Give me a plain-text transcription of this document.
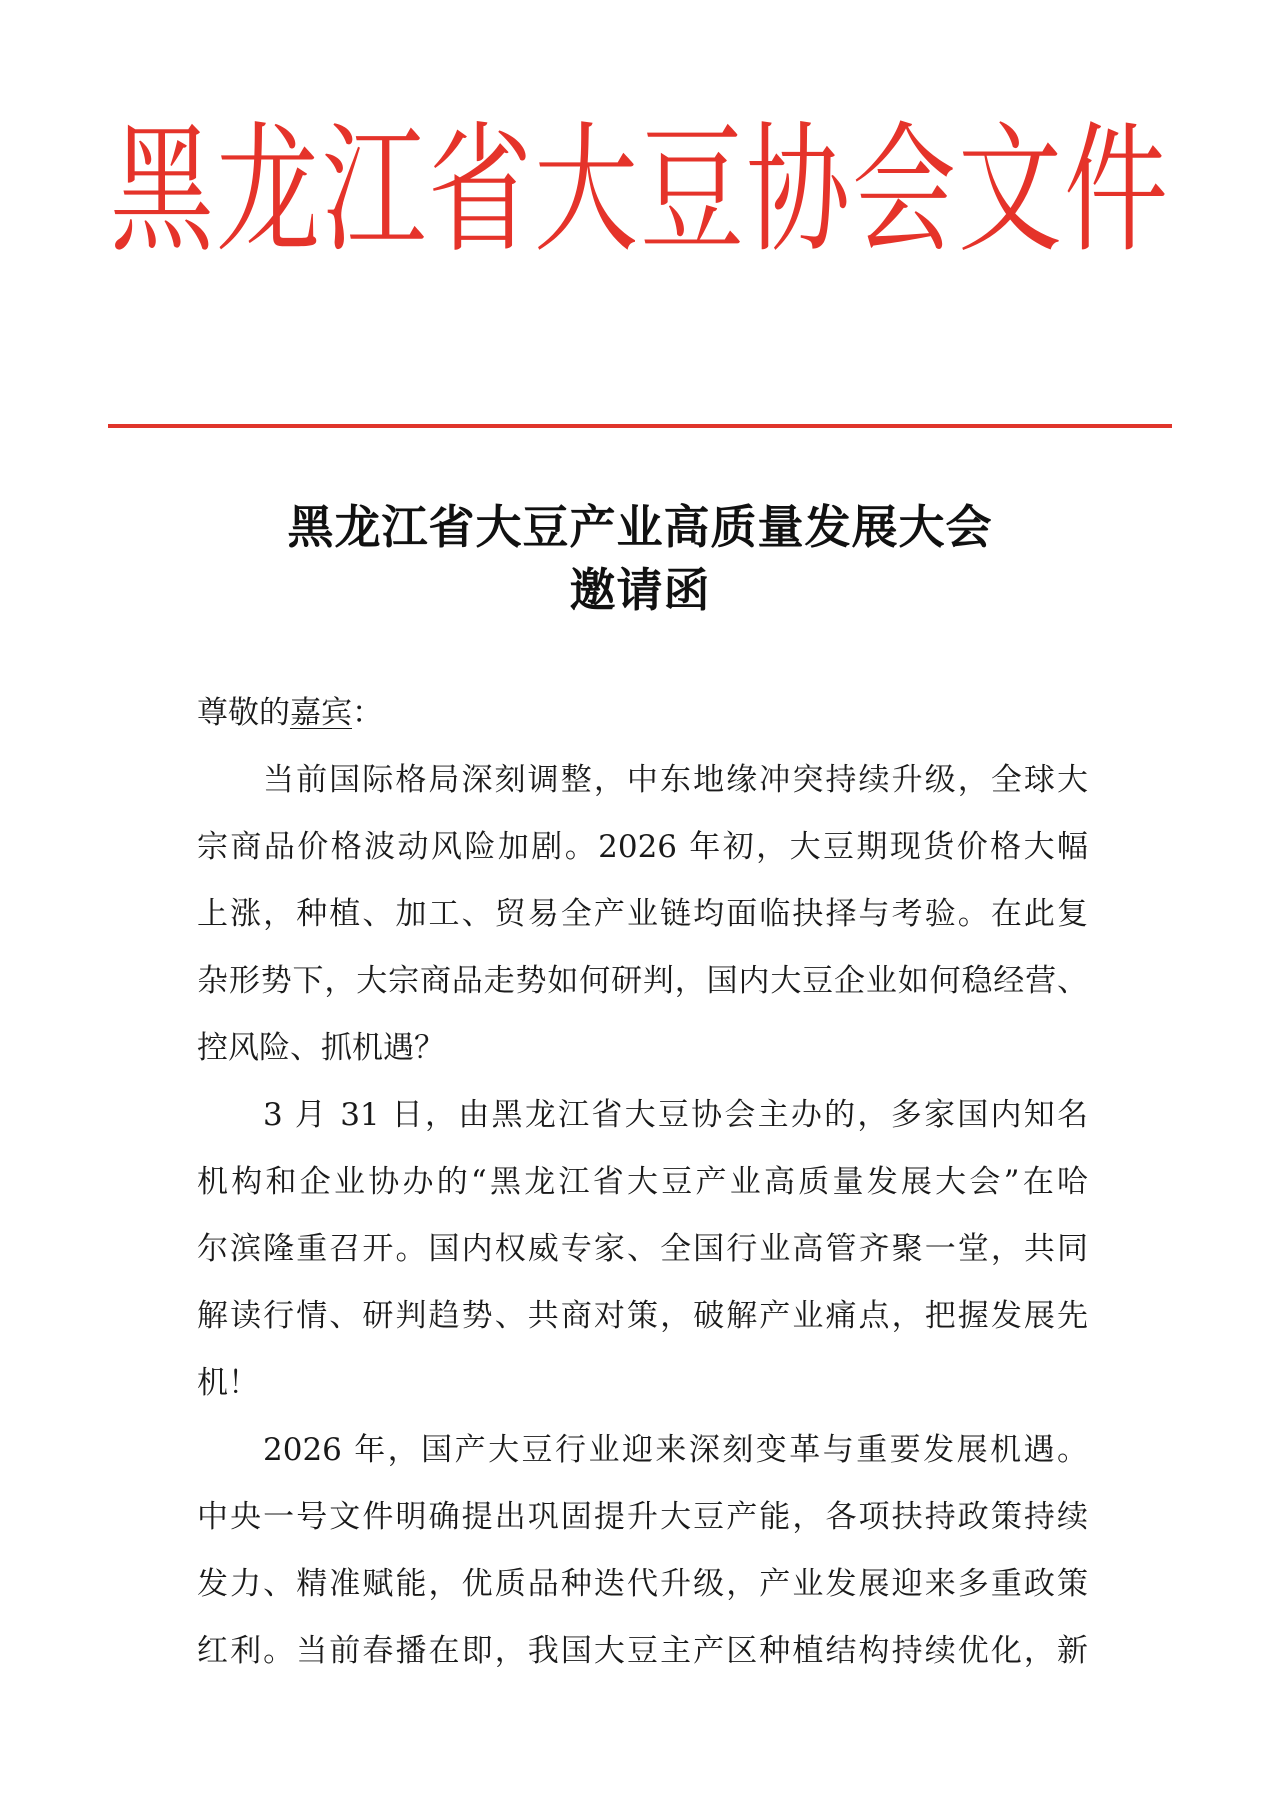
黑龙江省大豆协会文件
黑龙江省大豆产业高质量发展大会
邀请函
尊敬的嘉宾：
当前国际格局深刻调整，中东地缘冲突持续升级，全球大
宗商品价格波动风险加剧。2026 年初，大豆期现货价格大幅
上涨，种植、加工、贸易全产业链均面临抉择与考验。在此复
杂形势下，大宗商品走势如何研判，国内大豆企业如何稳经营、
控风险、抓机遇？
3 月 31 日，由黑龙江省大豆协会主办的，多家国内知名
机构和企业协办的“黑龙江省大豆产业高质量发展大会”在哈
尔滨隆重召开。国内权威专家、全国行业高管齐聚一堂，共同
解读行情、研判趋势、共商对策，破解产业痛点，把握发展先
机！
2026 年，国产大豆行业迎来深刻变革与重要发展机遇。
中央一号文件明确提出巩固提升大豆产能，各项扶持政策持续
发力、精准赋能，优质品种迭代升级，产业发展迎来多重政策
红利。当前春播在即，我国大豆主产区种植结构持续优化，新
